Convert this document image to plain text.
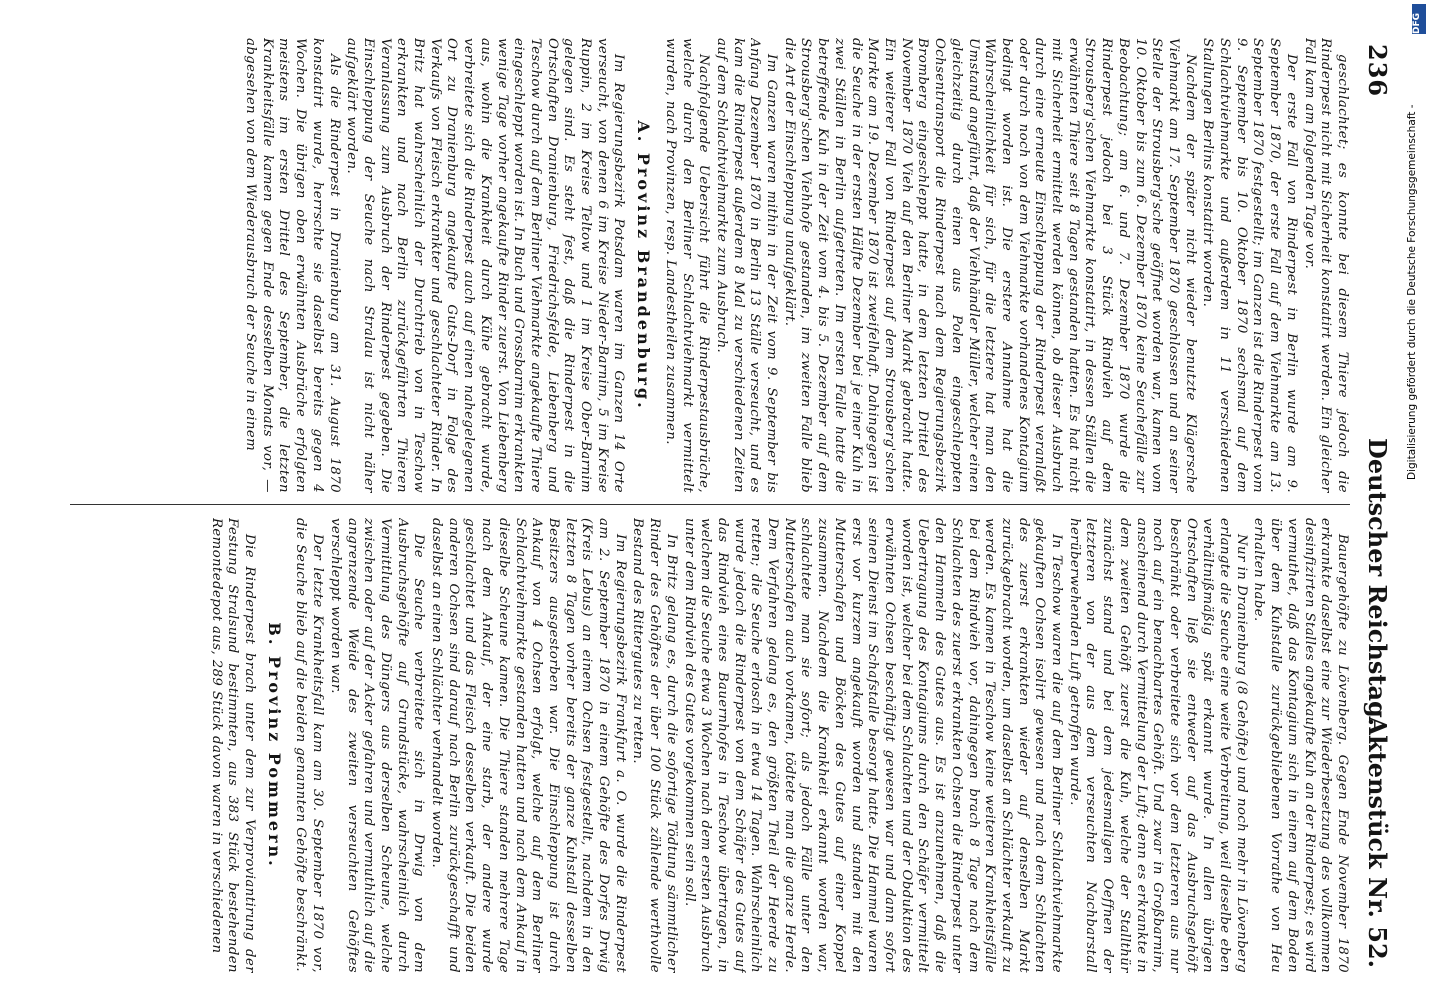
236
Deutscher Reichstag.
Aktenstück Nr. 52.

geschlachtet; es konnte bei diesem Thiere jedoch die Rinderpest nicht mit Sicherheit konstatirt werden. Ein gleicher Fall kam am folgenden Tage vor.

Der erste Fall von Rinderpest in Berlin wurde am 9. September 1870, der erste Fall auf dem Viehmarkte am 13. September 1870 festgestellt; im Ganzen ist die Rinderpest vom 9. September bis 10. Oktober 1870 sechsmal auf dem Schlachtviehmarkte und außerdem in 11 verschiedenen Stallungen Berlins konstatirt worden.

Nachdem der später nicht wieder benutzte Klägersche Viehmarkt am 17. September 1870 geschlossen und an seiner Stelle der Strousberg'sche geöffnet worden war, kamen vom 10. Oktober bis zum 6. Dezember 1870 keine Seuchefälle zur Beobachtung; am 6. und 7. Dezember 1870 wurde die Rinderpest jedoch bei 3 Stück Rindvieh auf dem Strousberg'schen Viehmarkte konstatirt, in dessen Ställen die erwähnten Thiere seit 8 Tagen gestanden hatten. Es hat nicht mit Sicherheit ermittelt werden können, ob dieser Ausbruch durch eine erneute Einschleppung der Rinderpest veranlaßt oder durch noch von dem Viehmarkte vorhandenes Kontagium bedingt worden ist. Die erstere Annahme hat die Wahrscheinlichkeit für sich, für die letztere hat man den Umstand angeführt, daß der Viehhändler Müller, welcher einen gleichzeitig durch einen aus Polen eingeschleppten Ochsentransport die Rinderpest nach dem Regierungsbezirk Bromberg eingeschleppt hatte, in dem letzten Drittel des November 1870 Vieh auf den Berliner Markt gebracht hatte. Ein weiterer Fall von Rinderpest auf dem Strousberg'schen Markte am 19. Dezember 1870 ist zweifelhaft. Dahingegen ist die Seuche in der ersten Hälfte Dezember bei je einer Kuh in zwei Ställen in Berlin aufgetreten. Im ersten Falle hatte die betreffende Kuh in der Zeit vom 4. bis 5. Dezember auf dem Strousberg'schen Viehhofe gestanden, im zweiten Falle blieb die Art der Einschleppung unaufgeklärt.

Im Ganzen waren mithin in der Zeit vom 9. September bis Anfang Dezember 1870 in Berlin 13 Ställe verseucht, und es kam die Rinderpest außerdem 8 Mal zu verschiedenen Zeiten auf dem Schlachtviehmarkte zum Ausbruch.

Nachfolgende Uebersicht führt die Rinderpestausbrüche, welche durch den Berliner Schlachtviehmarkt vermittelt wurden, nach Provinzen, resp. Landestheilen zusammen.

A. Provinz Brandenburg.

Im Regierungsbezirk Potsdam waren im Ganzen 14 Orte verseucht, von denen 6 im Kreise Nieder-Barnim, 5 im Kreise Ruppin, 2 im Kreise Teltow und 1 im Kreise Ober-Barnim gelegen sind. Es steht fest, daß die Rinderpest in die Ortschaften Dranienburg, Friedrichsfelde, Liebenberg und Teschow durch auf dem Berliner Viehmarkte angekaufte Thiere eingeschleppt worden ist. In Buch und Grossbarnim erkrankten wenige Tage vorher angekaufte Rinder zuerst. Von Liebenberg aus, wohin die Krankheit durch Kühe gebracht wurde, verbreitete sich die Rinderpest auch auf einen nahegelegenen Ort zu Dranienburg angekaufte Guts-Dorf in Folge des Verkaufs von Fleisch erkrankter und geschlachteter Rinder. In Britz hat wahrscheinlich der Durchtrieb von in Teschow erkrankten und nach Berlin zurückgeführten Thieren Veranlassung zum Ausbruch der Rinderpest gegeben. Die Einschleppung der Seuche nach Stralau ist nicht näher aufgeklärt worden.

Als die Rinderpest in Dranienburg am 31. August 1870 konstatirt wurde, herrschte sie daselbst bereits gegen 4 Wochen. Die übrigen oben erwähnten Ausbrüche erfolgten meistens im ersten Drittel des September, die letzten Krankheitsfälle kamen gegen Ende desselben Monats vor, — abgesehen von dem Wiederausbruch der Seuche in einem

Bauergehöfte zu Lövenberg. Gegen Ende November 1870 erkrankte daselbst eine zur Wiederbesetzung des vollkommen desinfizirten Stalles angekaufte Kuh an der Rinderpest; es wird vermuthet, daß das Kontagium sich in einem auf dem Boden über dem Kuhstalle zurückgebliebenen Vorrathe von Heu erhalten habe.

Nur in Dranienburg (8 Gehöfte) und noch mehr in Lövenberg erlangte die Seuche eine weite Verbreitung, weil dieselbe eben verhältnißmäßig spät erkannt wurde. In allen übrigen Ortschaften ließ sie entweder auf das Ausbruchsgehöft beschränkt oder verbreitete sich vor dem letzteren aus nur noch auf ein benachbartes Gehöft. Und zwar in Großbarnim, anscheinend durch Vermittelung der Luft; denn es erkrankte in dem zweiten Gehöft zuerst die Kuh, welche der Stallthür zunächst stand und bei dem jedesmaligen Oeffnen der letzteren von der aus dem verseuchten Nachbarstall herüberwehenden Luft getroffen wurde.

In Teschow waren die auf dem Berliner Schlachtviehmarkte gekauften Ochsen isolirt gewesen und nach dem Schlachten des zuerst erkrankten wieder auf denselben Markt zurückgebracht worden, um daselbst an Schlächter verkauft zu werden. Es kamen in Teschow keine weiteren Krankheitsfälle bei dem Rindvieh vor, dahingegen brach 8 Tage nach dem Schlachten des zuerst erkrankten Ochsen die Rinderpest unter den Hammeln des Gutes aus. Es ist anzunehmen, daß die Uebertragung des Kontagiums durch den Schäfer vermittelt worden ist, welcher bei dem Schlachten und der Obduktion des erwähnten Ochsen beschäftigt gewesen war und dann sofort seinen Dienst im Schafstalle besorgt hatte. Die Hammel waren erst vor kurzem angekauft worden und standen mit den Mutterschafen und Böcken des Gutes auf einer Koppel zusammen. Nachdem die Krankheit erkannt worden war, schlachtete man sie sofort; als jedoch Fälle unter den Mutterschafen auch vorkamen, tödtete man die ganze Herde. Dem Verfahren gelang es, den größten Theil der Heerde zu retten; die Seuche erlosch in etwa 14 Tagen. Wahrscheinlich wurde jedoch die Rinderpest von dem Schäfer des Gutes auf das Rindvieh eines Bauernhofes in Teschow übertragen, in welchem die Seuche etwa 3 Wochen nach dem ersten Ausbruch unter dem Rindvieh des Gutes vorgekommen sein soll.

In Britz gelang es, durch die sofortige Tödtung sämmtlicher Rinder des Gehöftes der über 100 Stück zählende werthvolle Bestand des Rittergutes zu retten.

Im Regierungsbezirk Frankfurt a. O. wurde die Rinderpest am 2. September 1870 in einem Gehöfte des Dorfes Drwig (Kreis Lebus) an einem Ochsen festgestellt, nachdem in den letzten 8 Tagen vorher bereits der ganze Kuhstall desselben Besitzers ausgestorben war. Die Einschleppung ist durch Ankauf von 4 Ochsen erfolgt, welche auf dem Berliner Schlachtviehmarkte gestanden hatten und nach dem Ankauf in dieselbe Scheune kamen. Die Thiere standen mehrere Tage nach dem Ankauf, der eine starb, der andere wurde geschlachtet und das Fleisch desselben verkauft. Die beiden anderen Ochsen sind darauf nach Berlin zurückgeschafft und daselbst an einen Schlächter verhandelt worden.

Die Seuche verbreitete sich in Drwig von dem Ausbruchsgehöfte auf Grundstücke, wahrscheinlich durch Vermittlung des Düngers aus derselben Scheune, welche zwischen oder auf der Acker gefahren und vermuthlich auf die angrenzende Weide des zweiten verseuchten Gehöftes verschleppt worden war.

Der letzte Krankheitsfall kam am 30. September 1870 vor, die Seuche blieb auf die beiden genannten Gehöfte beschränkt.

B. Provinz Pommern.

Die Rinderpest brach unter dem zur Verproviantirung der Festung Stralsund bestimmten, aus 383 Stück bestehenden Remontedepot aus, 289 Stück davon waren in verschiedenen

DFG
Digitalisierung gefördert durch die Deutsche Forschungsgemeinschaft -
